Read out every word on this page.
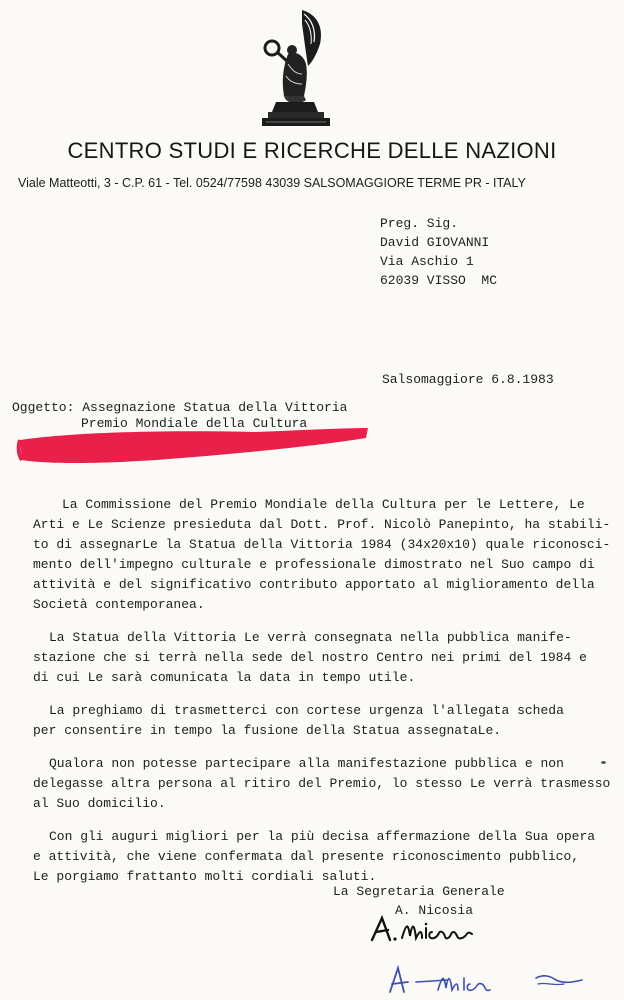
CENTRO STUDI E RICERCHE DELLE NAZIONI
Viale Matteotti, 3 - C.P. 61 - Tel. 0524/77598 43039 SALSOMAGGIORE TERME PR - ITALY
Preg. Sig.
David GIOVANNI
Via Aschio 1
62039 VISSO  MC
Salsomaggiore 6.8.1983
Oggetto: Assegnazione Statua della Vittoria
Premio Mondiale della Cultura
La Commissione del Premio Mondiale della Cultura per le Lettere, Le
Arti e Le Scienze presieduta dal Dott. Prof. Nicolò Panepinto, ha stabili-
to di assegnarLe la Statua della Vittoria 1984 (34x20x10) quale riconosci-
mento dell'impegno culturale e professionale dimostrato nel Suo campo di
attività e del significativo contributo apportato al miglioramento della
Società contemporanea.
La Statua della Vittoria Le verrà consegnata nella pubblica manife-
stazione che si terrà nella sede del nostro Centro nei primi del 1984 e
di cui Le sarà comunicata la data in tempo utile.
La preghiamo di trasmetterci con cortese urgenza l'allegata scheda
per consentire in tempo la fusione della Statua assegnataLe.
Qualora non potesse partecipare alla manifestazione pubblica e non
delegasse altra persona al ritiro del Premio, lo stesso Le verrà trasmesso
al Suo domicilio.
Con gli auguri migliori per la più decisa affermazione della Sua opera
e attività, che viene confermata dal presente riconoscimento pubblico,
Le porgiamo frattanto molti cordiali saluti.
La Segretaria Generale
A. Nicosia
